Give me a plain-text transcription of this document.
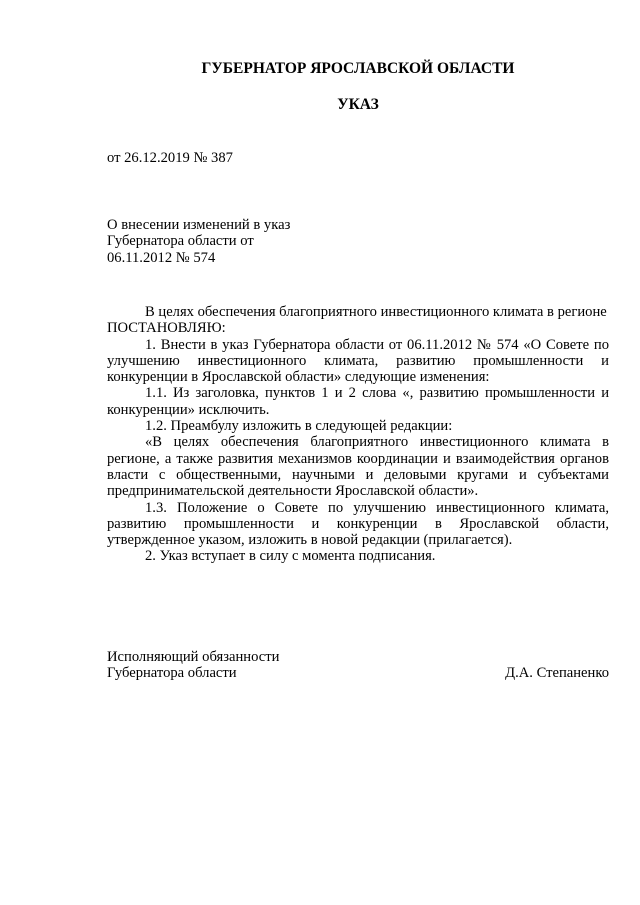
ГУБЕРНАТОР ЯРОСЛАВСКОЙ ОБЛАСТИ
УКАЗ
от 26.12.2019 № 387
О внесении изменений в указ
Губернатора области от
06.11.2012 № 574

В целях обеспечения благоприятного инвестиционного климата в регионе

ПОСТАНОВЛЯЮ:

1. Внести в указ Губернатора области от 06.11.2012 № 574 «О Совете по улучшению инвестиционного климата, развитию промышленности и конкуренции в Ярославской области» следующие изменения:

1.1. Из заголовка, пунктов 1 и 2 слова «, развитию промышленности и конкуренции» исключить.

1.2. Преамбулу изложить в следующей редакции:

«В целях обеспечения благоприятного инвестиционного климата в регионе, а также развития механизмов координации и взаимодействия органов власти с общественными, научными и деловыми кругами и субъектами предпринимательской деятельности Ярославской области».

1.3. Положение о Совете по улучшению инвестиционного климата, развитию промышленности и конкуренции в Ярославской области, утвержденное указом, изложить в новой редакции (прилагается).

2. Указ вступает в силу с момента подписания.

Исполняющий обязанности
Губернатора области	Д.А. Степаненко
